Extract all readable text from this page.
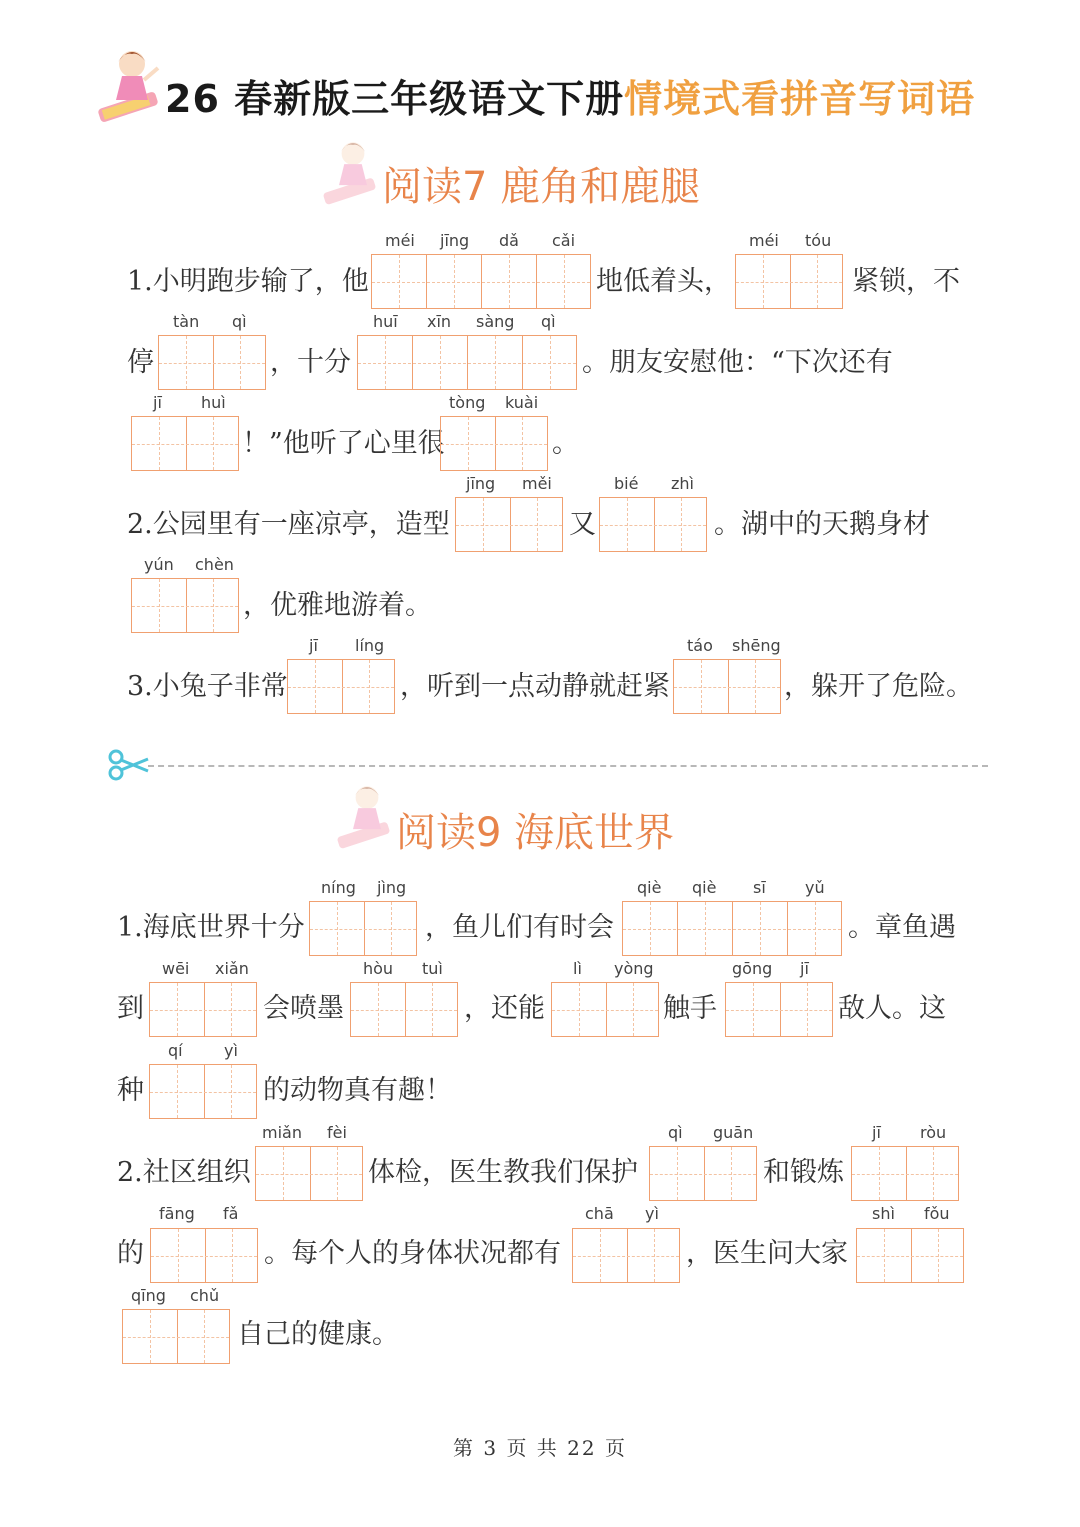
26 春新版三年级语文下册情境式看拼音写词语
阅读7 鹿角和鹿腿
1.小明跑步输了，他	地低着头，	紧锁，不
停	，十分	。朋友安慰他：“下次还有
！”他听了心里很	。
2.公园里有一座凉亭，造型	又	。湖中的天鹅身材
，优雅地游着。
3.小兔子非常	，听到一点动静就赶紧	，躲开了危险。
méi jīng dǎ cǎi	méi tóu
tàn qì	huī xīn sàng qì
jī huì	tòng kuài
jīng měi	bié zhì
yún chèn
jī líng	táo shēng
阅读9 海底世界
1.海底世界十分	，鱼儿们有时会	。章鱼遇
到	会喷墨	，还能	触手	敌人。这
种	的动物真有趣！
2.社区组织	体检，医生教我们保护	和锻炼
的	。每个人的身体状况都有	，医生问大家
自己的健康。
níng jìng	qiè qiè sī yǔ
wēi xiǎn	hòu tuì	lì yòng	gōng jī
qí	yì
miǎn fèi	qì guān	jī ròu
fāng fǎ	chā yì	shì fǒu
qīng chǔ
第 3 页 共 22 页
